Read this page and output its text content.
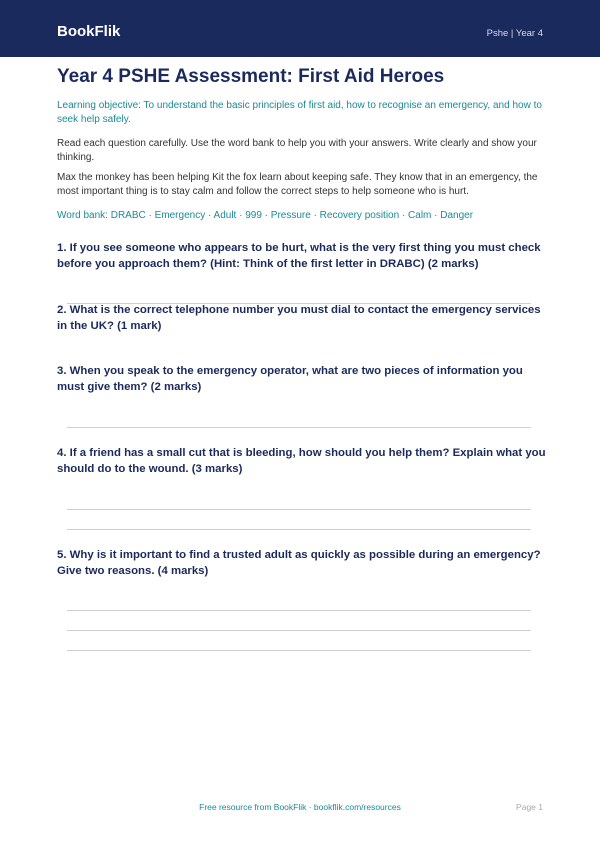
BookFlik	Pshe | Year 4
Year 4 PSHE Assessment: First Aid Heroes

Learning objective: To understand the basic principles of first aid, how to recognise an emergency, and how to seek help safely.

Read each question carefully. Use the word bank to help you with your answers. Write clearly and show your thinking.

Max the monkey has been helping Kit the fox learn about keeping safe. They know that in an emergency, the most important thing is to stay calm and follow the correct steps to help someone who is hurt.

Word bank: DRABC · Emergency · Adult · 999 · Pressure · Recovery position · Calm · Danger

1. If you see someone who appears to be hurt, what is the very first thing you must check before you approach them? (Hint: Think of the first letter in DRABC) (2 marks)

2. What is the correct telephone number you must dial to contact the emergency services in the UK? (1 mark)

3. When you speak to the emergency operator, what are two pieces of information you must give them? (2 marks)

4. If a friend has a small cut that is bleeding, how should you help them? Explain what you should do to the wound. (3 marks)

5. Why is it important to find a trusted adult as quickly as possible during an emergency? Give two reasons. (4 marks)

Free resource from BookFlik · bookflik.com/resources	Page 1
